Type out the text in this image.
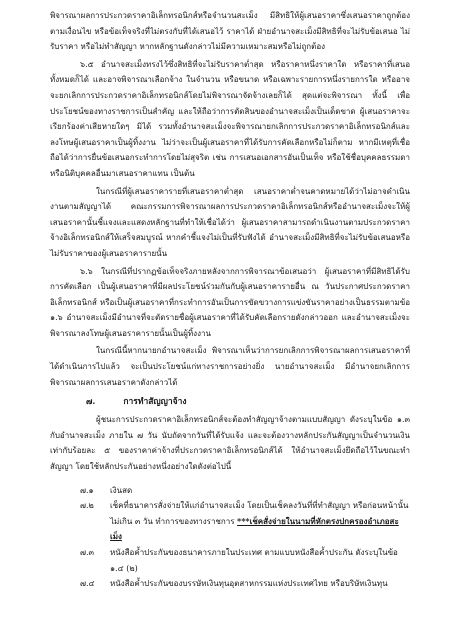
พิจารณาผลการประกวดราคาอิเล็กทรอนิกส์หรือจำนวนสะเม็ง มีสิทธิให้ผู้เสนอราคาซึ่งเสนอราคาถูกต้องตามเงื่อนไข หรือข้อเท็จจริงที่ไม่ตรงกับที่ได้เสนอไว้ ราคาได้ ฝ่ายอำนาจสะเม็งมีสิทธิที่จะไม่รับข้อเสนอ ไม่รับราคา หรือไม่ทำสัญญา หากหลักฐานดังกล่าวไม่มีความเหมาะสมหรือไม่ถูกต้อง

๖.๕ อำนาจสะเม็งทรงไว้ซึ่งสิทธิที่จะไม่รับราคาต่ำสุด หรือราคาหนึ่งราคาใด หรือราคาที่เสนอทั้งหมดก็ได้ และอาจพิจารณาเลือกจ้าง ในจำนวน หรือขนาด หรือเฉพาะรายการหนึ่งรายการใด หรืออาจจะยกเลิกการประกวดราคาอิเล็กทรอนิกส์โดยไม่พิจารณาจัดจ้างเลยก็ได้ สุดแต่จะพิจารณา ทั้งนี้ เพื่อประโยชน์ของทางราชการเป็นสำคัญ และให้ถือว่าการตัดสินของอำนาจสะเม็งเป็นเด็ดขาด ผู้เสนอราคาจะเรียกร้องค่าเสียหายใดๆ มิได้ รวมทั้งอำนาจสะเม็งจะพิจารณายกเลิกการประกวดราคาอิเล็กทรอนิกส์และลงโทษผู้เสนอราคาเป็นผู้ทิ้งงาน ไม่ว่าจะเป็นผู้เสนอราคาที่ได้รับการคัดเลือกหรือไม่ก็ตาม หากมีเหตุที่เชื่อถือได้ว่าการยื่นข้อเสนอกระทำการโดยไม่สุจริต เช่น การเสนอเอกสารอันเป็นเท็จ หรือใช้ชื่อบุคคลธรรมดา หรือนิติบุคคลอื่นมาเสนอราคาแทน เป็นต้น

ในกรณีที่ผู้เสนอราคารายที่เสนอราคาต่ำสุด เสนอราคาต่ำจนคาดหมายได้ว่าไม่อาจดำเนินงานตามสัญญาได้ คณะกรรมการพิจารณาผลการประกวดราคาอิเล็กทรอนิกส์หรืออำนาจสะเม็งจะให้ผู้เสนอราคานั้นชี้แจงและแสดงหลักฐานที่ทำให้เชื่อได้ว่า ผู้เสนอราคาสามารถดำเนินงานตามประกวดราคาจ้างอิเล็กทรอนิกส์ให้เสร็จสมบูรณ์ หากคำชี้แจงไม่เป็นที่รับฟังได้ อำนาจสะเม็งมีสิทธิที่จะไม่รับข้อเสนอหรือไม่รับราคาของผู้เสนอราคารายนั้น

๖.๖ ในกรณีที่ปรากฏข้อเท็จจริงภายหลังจากการพิจารณาข้อเสนอว่า ผู้เสนอราคาที่มีสิทธิได้รับการคัดเลือก เป็นผู้เสนอราคาที่มีผลประโยชน์ร่วมกันกับผู้เสนอราคารายอื่น ณ วันประกาศประกวดราคาอิเล็กทรอนิกส์ หรือเป็นผู้เสนอราคาที่กระทำการอันเป็นการขัดขวางการแข่งขันราคาอย่างเป็นธรรมตามข้อ ๑.๖ อำนาจสะเม็งมีอำนาจที่จะตัดรายชื่อผู้เสนอราคาที่ได้รับคัดเลือกรายดังกล่าวออก และอำนาจสะเม็งจะพิจารณาลงโทษผู้เสนอราคารายนั้นเป็นผู้ทิ้งงาน

ในกรณีนี้หากนายกอำนาจสะเม็ง พิจารณาเห็นว่าการยกเลิกการพิจารณาผลการเสนอราคาที่ได้ดำเนินการไปแล้ว จะเป็นประโยชน์แก่ทางราชการอย่างยิ่ง นายอำนาจสะเม็ง มีอำนาจยกเลิกการพิจารณาผลการเสนอราคาดังกล่าวได้

๗.	การทำสัญญาจ้าง

ผู้ชนะการประกวดราคาอิเล็กทรอนิกส์จะต้องทำสัญญาจ้างตามแบบสัญญา ดังระบุในข้อ ๑.๓ กับอำนาจสะเม็ง ภายใน ๗ วัน นับถัดจากวันที่ได้รับแจ้ง และจะต้องวางหลักประกันสัญญาเป็นจำนวนเงินเท่ากับร้อยละ ๕ ของราคาค่าจ้างที่ประกวดราคาอิเล็กทรอนิกส์ได้ ให้อำนาจสะเม็งยึดถือไว้ในขณะทำสัญญา โดยใช้หลักประกันอย่างหนึ่งอย่างใดดังต่อไปนี้

๗.๑	เงินสด
๗.๒	เช็คที่ธนาคารสั่งจ่ายให้แก่อำนาจสะเม็ง โดยเป็นเช็คลงวันที่ที่ทำสัญญา หรือก่อนหน้านั้นไม่เกิน ๓ วัน ทำการของทางราชการ ***เช็คสั่งจ่ายในนามที่หักตรงปกครองอำเภอสะเม็ง
๗.๓	หนังสือค้ำประกันของธนาคารภายในประเทศ ตามแบบหนังสือค้ำประกัน ดังระบุในข้อ ๑.๔ (๒)
๗.๔	หนังสือค้ำประกันของบรรษัทเงินทุนอุตสาหกรรมแห่งประเทศไทย หรือบริษัทเงินทุน
